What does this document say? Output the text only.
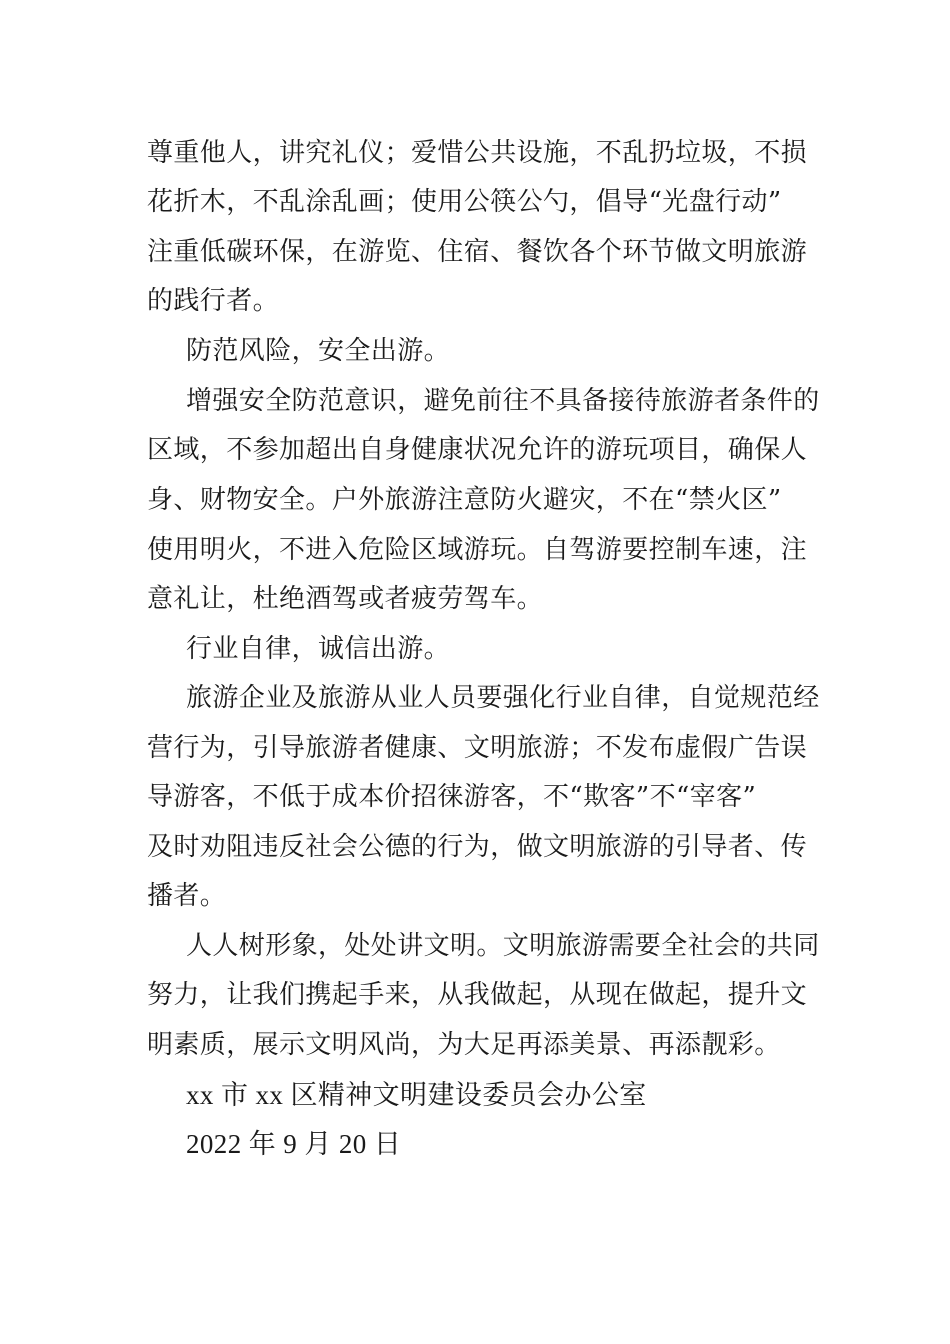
尊重他人，讲究礼仪；爱惜公共设施，不乱扔垃圾，不损
花折木，不乱涂乱画；使用公筷公勺，倡导“光盘行动”
注重低碳环保，在游览、住宿、餐饮各个环节做文明旅游
的践行者。
防范风险，安全出游。
增强安全防范意识，避免前往不具备接待旅游者条件的
区域，不参加超出自身健康状况允许的游玩项目，确保人
身、财物安全。户外旅游注意防火避灾，不在“禁火区”
使用明火，不进入危险区域游玩。自驾游要控制车速，注
意礼让，杜绝酒驾或者疲劳驾车。
行业自律，诚信出游。
旅游企业及旅游从业人员要强化行业自律，自觉规范经
营行为，引导旅游者健康、文明旅游；不发布虚假广告误
导游客，不低于成本价招徕游客，不“欺客”不“宰客”
及时劝阻违反社会公德的行为，做文明旅游的引导者、传
播者。
人人树形象，处处讲文明。文明旅游需要全社会的共同
努力，让我们携起手来，从我做起，从现在做起，提升文
明素质，展示文明风尚，为大足再添美景、再添靓彩。
xx 市 xx 区精神文明建设委员会办公室
2022 年 9 月 20 日
